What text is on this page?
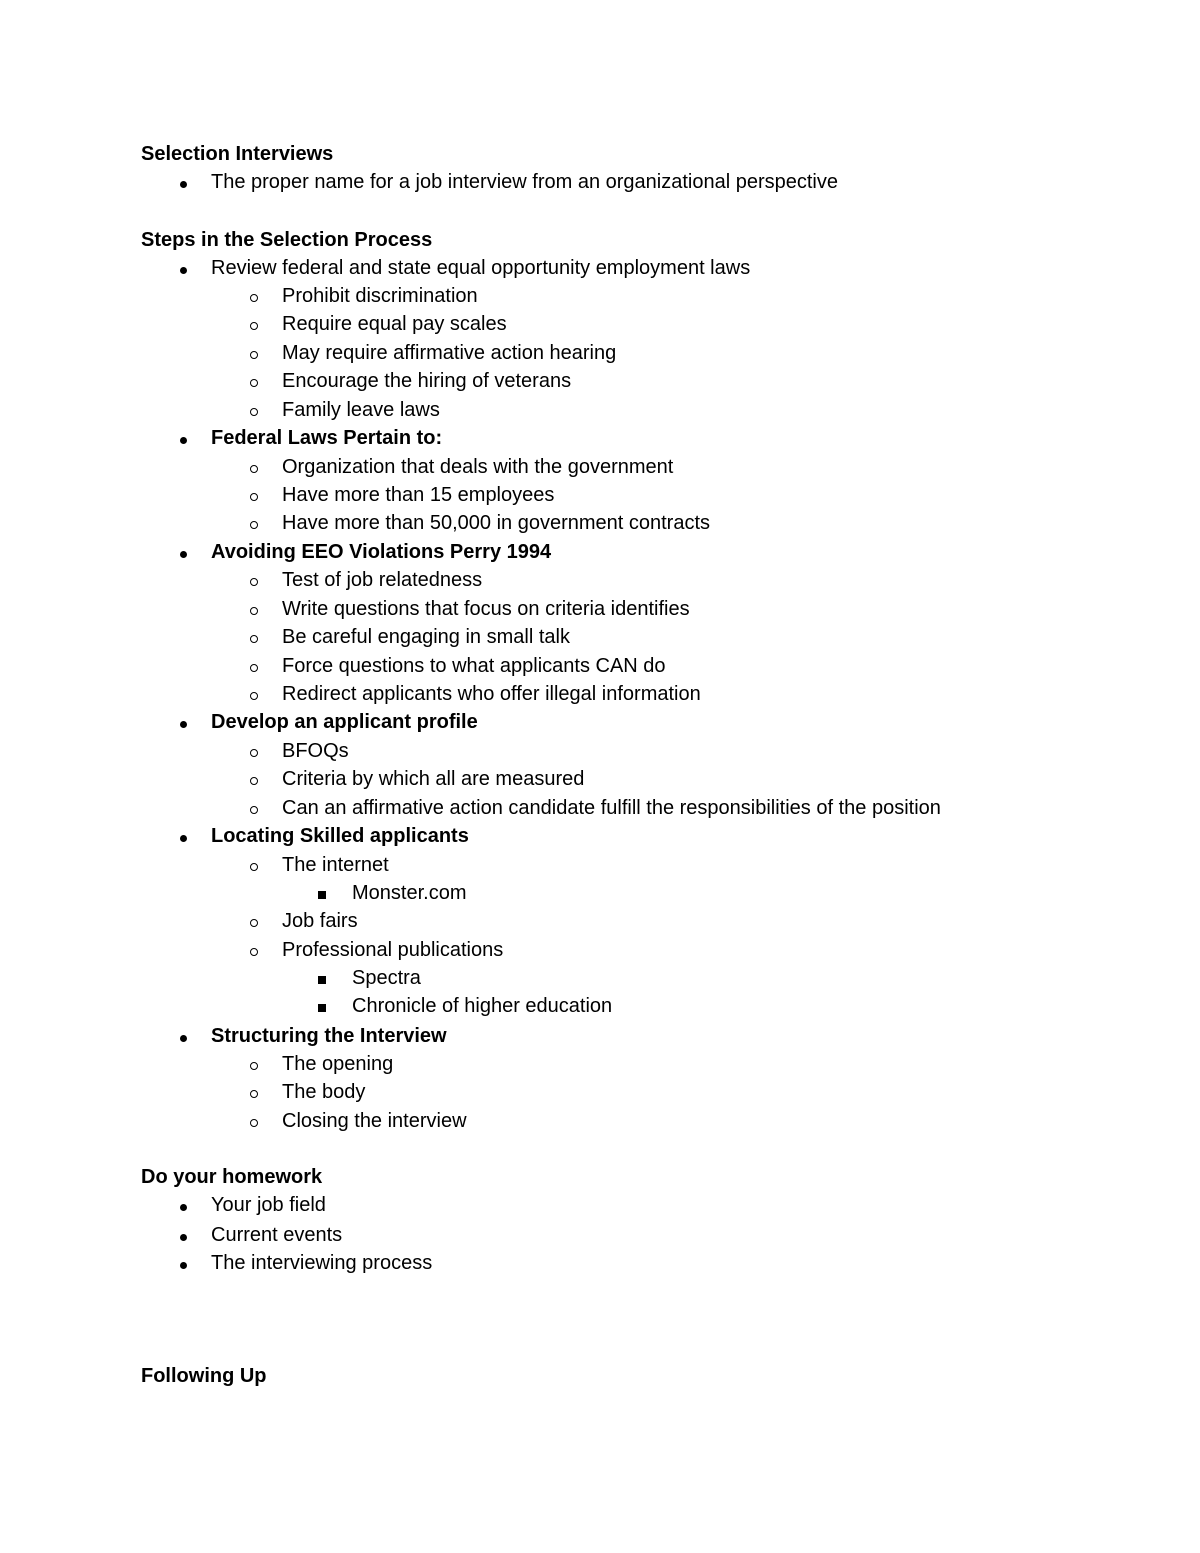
Selection Interviews
The proper name for a job interview from an organizational perspective
Steps in the Selection Process
Review federal and state equal opportunity employment laws
Prohibit discrimination
Require equal pay scales
May require affirmative action hearing
Encourage the hiring of veterans
Family leave laws
Federal Laws Pertain to:
Organization that deals with the government
Have more than 15 employees
Have more than 50,000 in government contracts
Avoiding EEO Violations Perry 1994
Test of job relatedness
Write questions that focus on criteria identifies
Be careful engaging in small talk
Force questions to what applicants CAN do
Redirect applicants who offer illegal information
Develop an applicant profile
BFOQs
Criteria by which all are measured
Can an affirmative action candidate fulfill the responsibilities of the position
Locating Skilled applicants
The internet
Monster.com
Job fairs
Professional publications
Spectra
Chronicle of higher education
Structuring the Interview
The opening
The body
Closing the interview
Do your homework
Your job field
Current events
The interviewing process
Following Up
